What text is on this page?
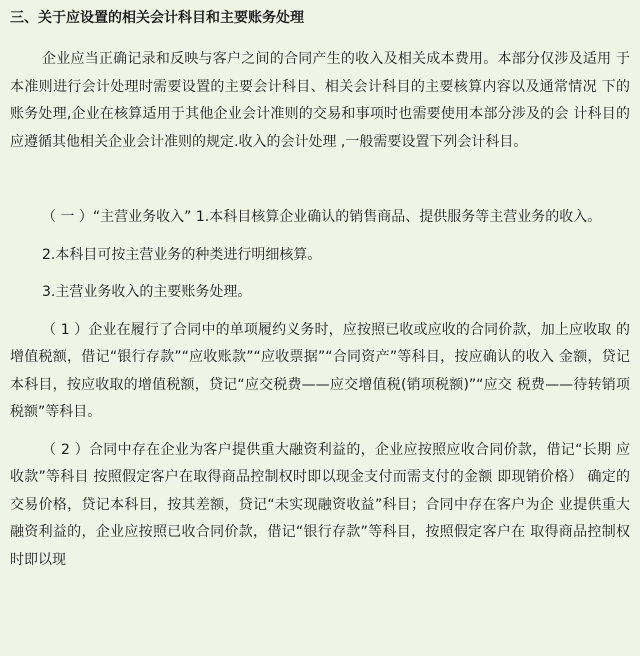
三、关于应设置的相关会计科目和主要账务处理

企业应当正确记录和反映与客户之间的合同产生的收入及相关成本费用。本部分仅涉及适用 于本准则进行会计处理时需要设置的主要会计科目、相关会计科目的主要核算内容以及通常情况 下的账务处理,企业在核算适用于其他企业会计准则的交易和事项时也需要使用本部分涉及的会 计科目的 应遵循其他相关企业会计准则的规定.收入的会计处理 ,一般需要设置下列会计科目。

（ 一 ）“主营业务收入” 1.本科目核算企业确认的销售商品、提供服务等主营业务的收入。

2.本科目可按主营业务的种类进行明细核算。

3.主营业务收入的主要账务处理。

（ 1 ）企业在履行了合同中的单项履约义务时，应按照已收或应收的合同价款，加上应收取 的增值税额，借记“银行存款”“应收账款”“应收票据”“合同资产”等科目，按应确认的收入 金额，贷记本科目，按应收取的增值税额，贷记“应交税费——应交增值税(销项税额)”“应交 税费——待转销项税额”等科目。

（ 2 ）合同中存在企业为客户提供重大融资利益的，企业应按照应收合同价款，借记“长期 应收款”等科目 按照假定客户在取得商品控制权时即以现金支付而需支付的金额 即现销价格） 确定的交易价格，贷记本科目，按其差额，贷记“未实现融资收益”科目；合同中存在客户为企 业提供重大融资利益的，企业应按照已收合同价款，借记“银行存款”等科目，按照假定客户在 取得商品控制权时即以现
